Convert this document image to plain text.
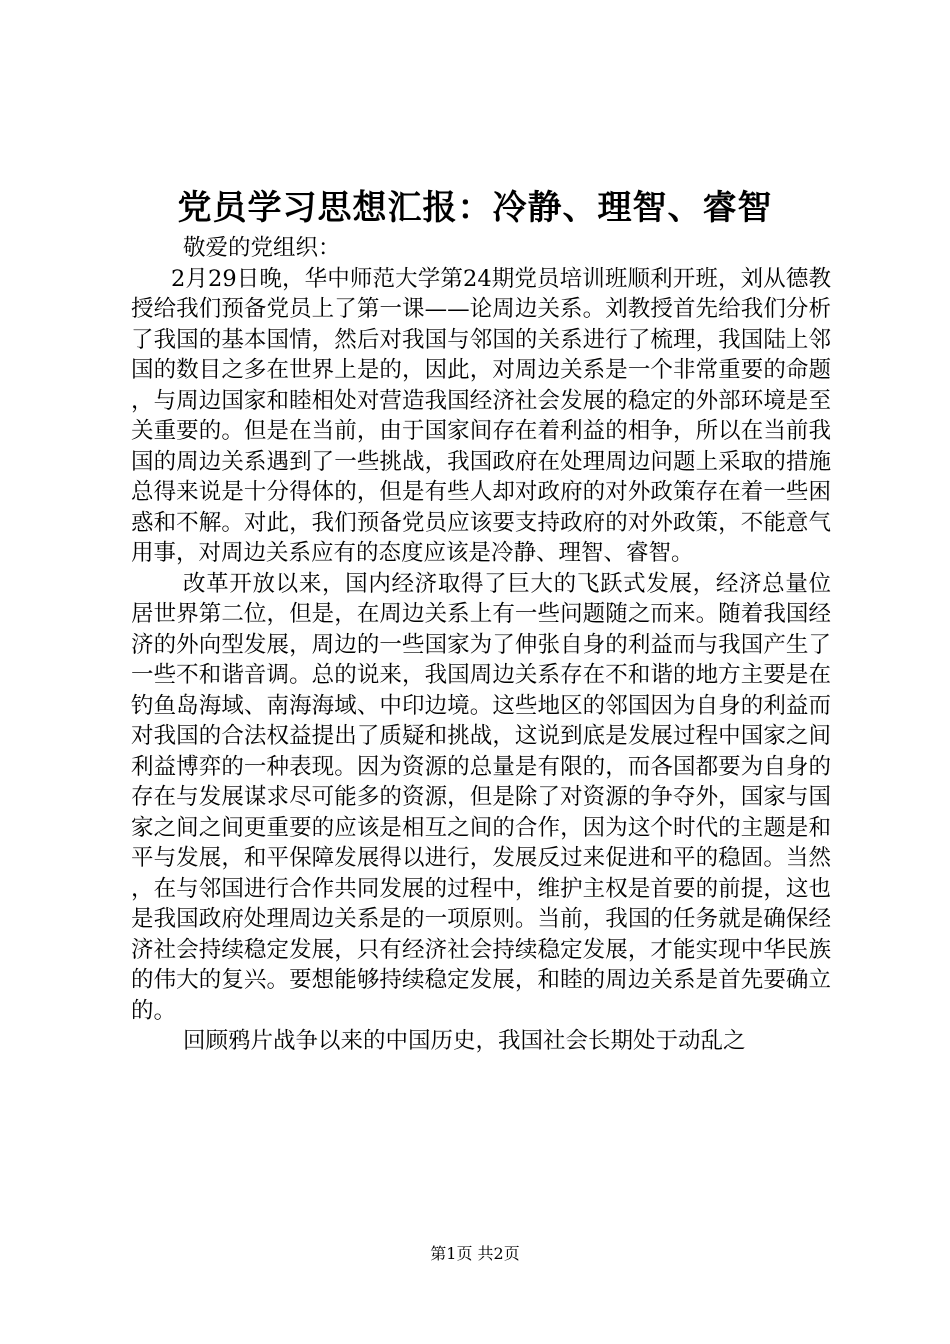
党员学习思想汇报：冷静、理智、睿智

敬爱的党组织：

2月29日晚，华中师范大学第24期党员培训班顺利开班，刘从德教授给我们预备党员上了第一课——论周边关系。刘教授首先给我们分析了我国的基本国情，然后对我国与邻国的关系进行了梳理，我国陆上邻国的数目之多在世界上是的，因此，对周边关系是一个非常重要的命题，与周边国家和睦相处对营造我国经济社会发展的稳定的外部环境是至关重要的。但是在当前，由于国家间存在着利益的相争，所以在当前我国的周边关系遇到了一些挑战，我国政府在处理周边问题上采取的措施总得来说是十分得体的，但是有些人却对政府的对外政策存在着一些困惑和不解。对此，我们预备党员应该要支持政府的对外政策，不能意气用事，对周边关系应有的态度应该是冷静、理智、睿智。

改革开放以来，国内经济取得了巨大的飞跃式发展，经济总量位居世界第二位，但是，在周边关系上有一些问题随之而来。随着我国经济的外向型发展，周边的一些国家为了伸张自身的利益而与我国产生了一些不和谐音调。总的说来，我国周边关系存在不和谐的地方主要是在钓鱼岛海域、南海海域、中印边境。这些地区的邻国因为自身的利益而对我国的合法权益提出了质疑和挑战，这说到底是发展过程中国家之间利益博弈的一种表现。因为资源的总量是有限的，而各国都要为自身的存在与发展谋求尽可能多的资源，但是除了对资源的争夺外，国家与国家之间之间更重要的应该是相互之间的合作，因为这个时代的主题是和平与发展，和平保障发展得以进行，发展反过来促进和平的稳固。当然，在与邻国进行合作共同发展的过程中，维护主权是首要的前提，这也是我国政府处理周边关系是的一项原则。当前，我国的任务就是确保经济社会持续稳定发展，只有经济社会持续稳定发展，才能实现中华民族的伟大的复兴。要想能够持续稳定发展，和睦的周边关系是首先要确立的。

回顾鸦片战争以来的中国历史，我国社会长期处于动乱之

第1页 共2页
